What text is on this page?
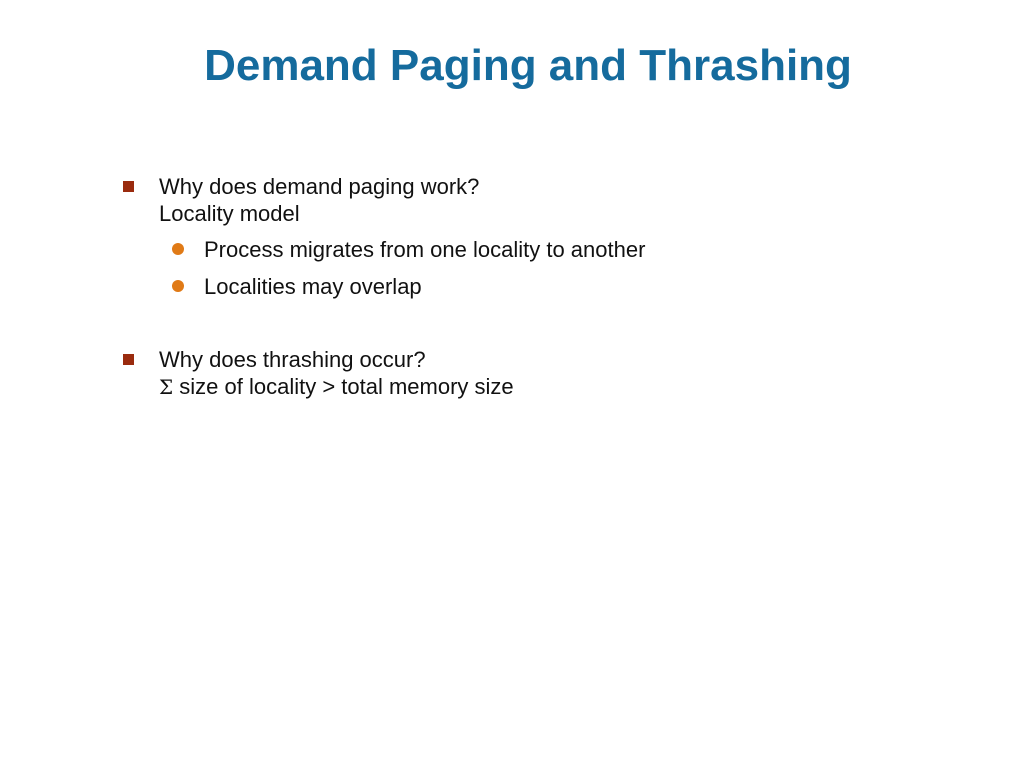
Demand Paging and Thrashing
Why does demand paging work?
Locality model
Process migrates from one locality to another
Localities may overlap
Why does thrashing occur?
Σ size of locality > total memory size
